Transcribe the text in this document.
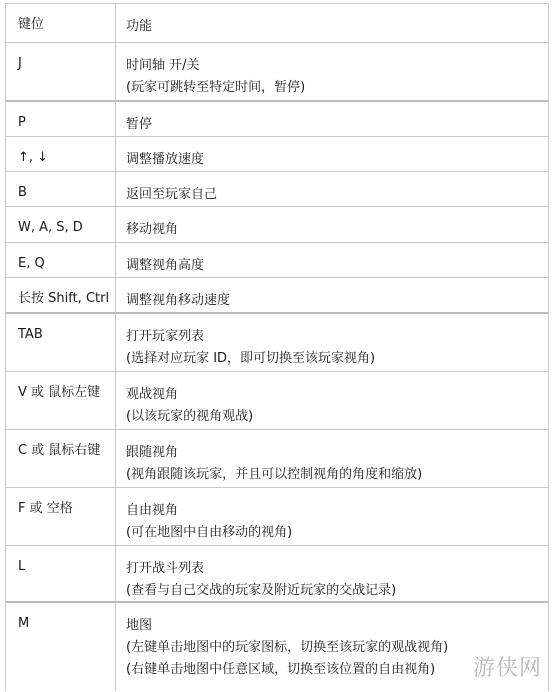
键位	功能
J	时间轴 开/关
(玩家可跳转至特定时间，暂停)
P	暂停
↑, ↓	调整播放速度
B	返回至玩家自己
W, A, S, D	移动视角
E, Q	调整视角高度
长按 Shift, Ctrl	调整视角移动速度
TAB	打开玩家列表
(选择对应玩家 ID，即可切换至该玩家视角)
V 或 鼠标左键	观战视角
(以该玩家的视角观战)
C 或 鼠标右键	跟随视角
(视角跟随该玩家，并且可以控制视角的角度和缩放)
F 或 空格	自由视角
(可在地图中自由移动的视角)
L	打开战斗列表
(查看与自己交战的玩家及附近玩家的交战记录)
M	地图
(左键单击地图中的玩家图标，切换至该玩家的观战视角)
(右键单击地图中任意区域，切换至该位置的自由视角)	游侠网
